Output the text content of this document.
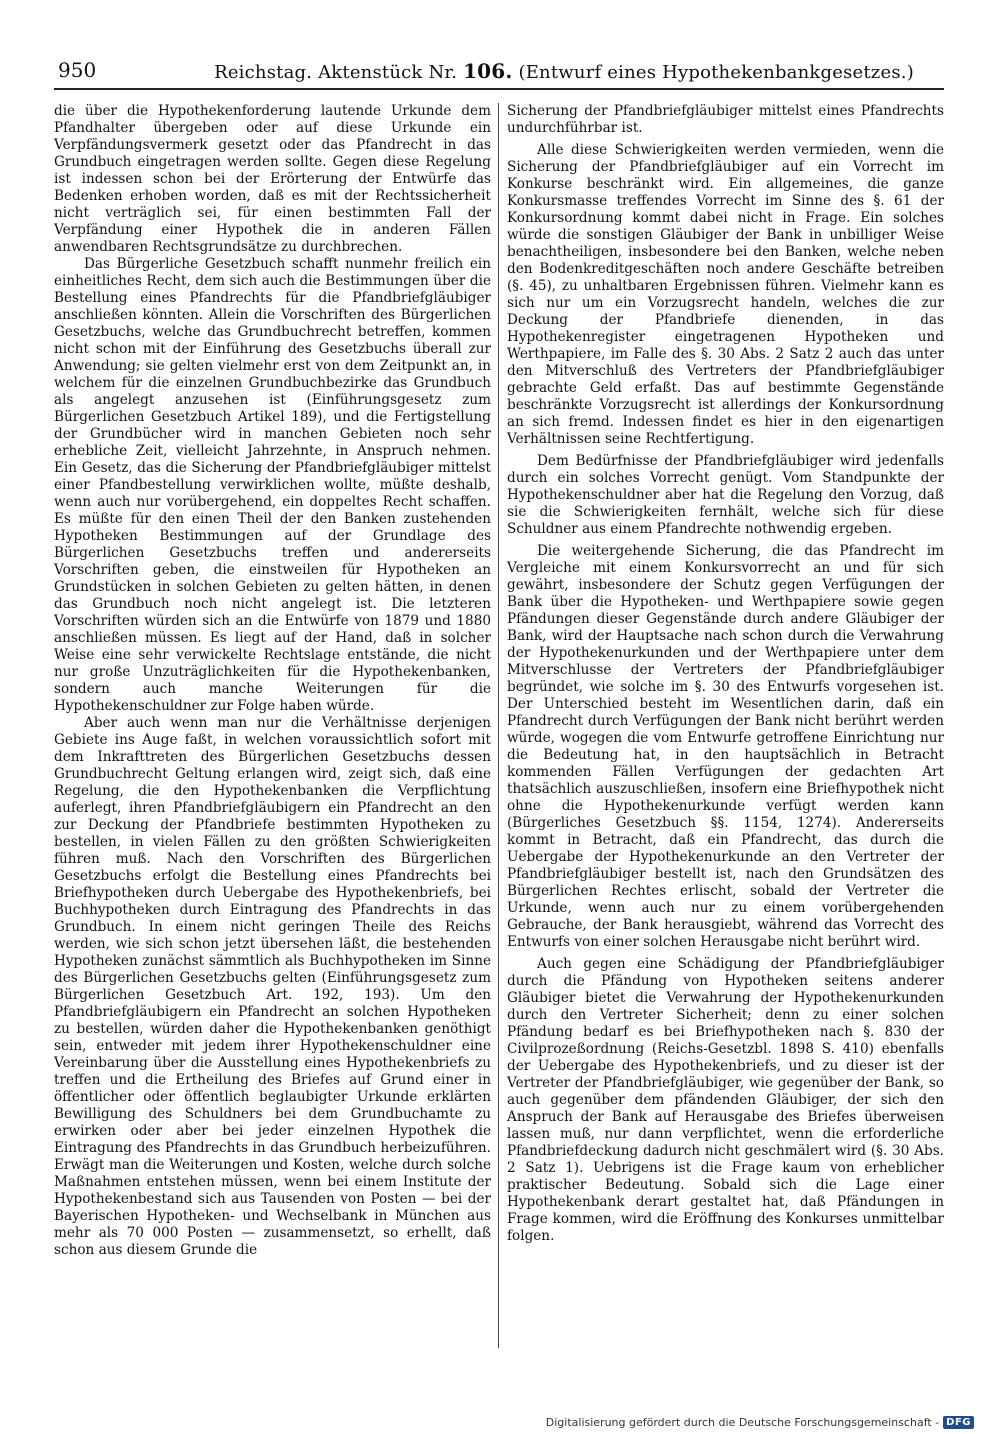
950	Reichstag. Aktenstück Nr. 106. (Entwurf eines Hypothekenbankgesetzes.)

die über die Hypothekenforderung lautende Urkunde dem Pfandhalter übergeben oder auf diese Urkunde ein Verpfändungsvermerk gesetzt oder das Pfandrecht in das Grundbuch eingetragen werden sollte. Gegen diese Regelung ist indessen schon bei der Erörterung der Entwürfe das Bedenken erhoben worden, daß es mit der Rechtssicherheit nicht verträglich sei, für einen bestimmten Fall der Verpfändung einer Hypothek die in anderen Fällen anwendbaren Rechtsgrundsätze zu durchbrechen.

Das Bürgerliche Gesetzbuch schafft nunmehr freilich ein einheitliches Recht, dem sich auch die Bestimmungen über die Bestellung eines Pfandrechts für die Pfandbriefgläubiger anschließen könnten. Allein die Vorschriften des Bürgerlichen Gesetzbuchs, welche das Grundbuchrecht betreffen, kommen nicht schon mit der Einführung des Gesetzbuchs überall zur Anwendung; sie gelten vielmehr erst von dem Zeitpunkt an, in welchem für die einzelnen Grundbuchbezirke das Grundbuch als angelegt anzusehen ist (Einführungsgesetz zum Bürgerlichen Gesetzbuch Artikel 189), und die Fertigstellung der Grundbücher wird in manchen Gebieten noch sehr erhebliche Zeit, vielleicht Jahrzehnte, in Anspruch nehmen. Ein Gesetz, das die Sicherung der Pfandbriefgläubiger mittelst einer Pfandbestellung verwirklichen wollte, müßte deshalb, wenn auch nur vorübergehend, ein doppeltes Recht schaffen. Es müßte für den einen Theil der den Banken zustehenden Hypotheken Bestimmungen auf der Grundlage des Bürgerlichen Gesetzbuchs treffen und andererseits Vorschriften geben, die einstweilen für Hypotheken an Grundstücken in solchen Gebieten zu gelten hätten, in denen das Grundbuch noch nicht angelegt ist. Die letzteren Vorschriften würden sich an die Entwürfe von 1879 und 1880 anschließen müssen. Es liegt auf der Hand, daß in solcher Weise eine sehr verwickelte Rechtslage entstände, die nicht nur große Unzuträglichkeiten für die Hypothekenbanken, sondern auch manche Weiterungen für die Hypothekenschuldner zur Folge haben würde.

Aber auch wenn man nur die Verhältnisse derjenigen Gebiete ins Auge faßt, in welchen voraussichtlich sofort mit dem Inkrafttreten des Bürgerlichen Gesetzbuchs dessen Grundbuchrecht Geltung erlangen wird, zeigt sich, daß eine Regelung, die den Hypothekenbanken die Verpflichtung auferlegt, ihren Pfandbriefgläubigern ein Pfandrecht an den zur Deckung der Pfandbriefe bestimmten Hypotheken zu bestellen, in vielen Fällen zu den größten Schwierigkeiten führen muß. Nach den Vorschriften des Bürgerlichen Gesetzbuchs erfolgt die Bestellung eines Pfandrechts bei Briefhypotheken durch Uebergabe des Hypothekenbriefs, bei Buchhypotheken durch Eintragung des Pfandrechts in das Grundbuch. In einem nicht geringen Theile des Reichs werden, wie sich schon jetzt übersehen läßt, die bestehenden Hypotheken zunächst sämmtlich als Buchhypotheken im Sinne des Bürgerlichen Gesetzbuchs gelten (Einführungsgesetz zum Bürgerlichen Gesetzbuch Art. 192, 193). Um den Pfandbriefgläubigern ein Pfandrecht an solchen Hypotheken zu bestellen, würden daher die Hypothekenbanken genöthigt sein, entweder mit jedem ihrer Hypothekenschuldner eine Vereinbarung über die Ausstellung eines Hypothekenbriefs zu treffen und die Ertheilung des Briefes auf Grund einer in öffentlicher oder öffentlich beglaubigter Urkunde erklärten Bewilligung des Schuldners bei dem Grundbuchamte zu erwirken oder aber bei jeder einzelnen Hypothek die Eintragung des Pfandrechts in das Grundbuch herbeizuführen. Erwägt man die Weiterungen und Kosten, welche durch solche Maßnahmen entstehen müssen, wenn bei einem Institute der Hypothekenbestand sich aus Tausenden von Posten — bei der Bayerischen Hypotheken- und Wechselbank in München aus mehr als 70 000 Posten — zusammensetzt, so erhellt, daß schon aus diesem Grunde die

Sicherung der Pfandbriefgläubiger mittelst eines Pfandrechts undurchführbar ist.

Alle diese Schwierigkeiten werden vermieden, wenn die Sicherung der Pfandbriefgläubiger auf ein Vorrecht im Konkurse beschränkt wird. Ein allgemeines, die ganze Konkursmasse treffendes Vorrecht im Sinne des §. 61 der Konkursordnung kommt dabei nicht in Frage. Ein solches würde die sonstigen Gläubiger der Bank in unbilliger Weise benachtheiligen, insbesondere bei den Banken, welche neben den Bodenkreditgeschäften noch andere Geschäfte betreiben (§. 45), zu unhaltbaren Ergebnissen führen. Vielmehr kann es sich nur um ein Vorzugsrecht handeln, welches die zur Deckung der Pfandbriefe dienenden, in das Hypothekenregister eingetragenen Hypotheken und Werthpapiere, im Falle des §. 30 Abs. 2 Satz 2 auch das unter den Mitverschluß des Vertreters der Pfandbriefgläubiger gebrachte Geld erfaßt. Das auf bestimmte Gegenstände beschränkte Vorzugsrecht ist allerdings der Konkursordnung an sich fremd. Indessen findet es hier in den eigenartigen Verhältnissen seine Rechtfertigung.

Dem Bedürfnisse der Pfandbriefgläubiger wird jedenfalls durch ein solches Vorrecht genügt. Vom Standpunkte der Hypothekenschuldner aber hat die Regelung den Vorzug, daß sie die Schwierigkeiten fernhält, welche sich für diese Schuldner aus einem Pfandrechte nothwendig ergeben.

Die weitergehende Sicherung, die das Pfandrecht im Vergleiche mit einem Konkursvorrecht an und für sich gewährt, insbesondere der Schutz gegen Verfügungen der Bank über die Hypotheken- und Werthpapiere sowie gegen Pfändungen dieser Gegenstände durch andere Gläubiger der Bank, wird der Hauptsache nach schon durch die Verwahrung der Hypothekenurkunden und der Werthpapiere unter dem Mitverschlusse der Vertreters der Pfandbriefgläubiger begründet, wie solche im §. 30 des Entwurfs vorgesehen ist. Der Unterschied besteht im Wesentlichen darin, daß ein Pfandrecht durch Verfügungen der Bank nicht berührt werden würde, wogegen die vom Entwurfe getroffene Einrichtung nur die Bedeutung hat, in den hauptsächlich in Betracht kommenden Fällen Verfügungen der gedachten Art thatsächlich auszuschließen, insofern eine Briefhypothek nicht ohne die Hypothekenurkunde verfügt werden kann (Bürgerliches Gesetzbuch §§. 1154, 1274). Andererseits kommt in Betracht, daß ein Pfandrecht, das durch die Uebergabe der Hypothekenurkunde an den Vertreter der Pfandbriefgläubiger bestellt ist, nach den Grundsätzen des Bürgerlichen Rechtes erlischt, sobald der Vertreter die Urkunde, wenn auch nur zu einem vorübergehenden Gebrauche, der Bank herausgiebt, während das Vorrecht des Entwurfs von einer solchen Herausgabe nicht berührt wird.

Auch gegen eine Schädigung der Pfandbriefgläubiger durch die Pfändung von Hypotheken seitens anderer Gläubiger bietet die Verwahrung der Hypothekenurkunden durch den Vertreter Sicherheit; denn zu einer solchen Pfändung bedarf es bei Briefhypotheken nach §. 830 der Civilprozeßordnung (Reichs-Gesetzbl. 1898 S. 410) ebenfalls der Uebergabe des Hypothekenbriefs, und zu dieser ist der Vertreter der Pfandbriefgläubiger, wie gegenüber der Bank, so auch gegenüber dem pfändenden Gläubiger, der sich den Anspruch der Bank auf Herausgabe des Briefes überweisen lassen muß, nur dann verpflichtet, wenn die erforderliche Pfandbriefdeckung dadurch nicht geschmälert wird (§. 30 Abs. 2 Satz 1). Uebrigens ist die Frage kaum von erheblicher praktischer Bedeutung. Sobald sich die Lage einer Hypothekenbank derart gestaltet hat, daß Pfändungen in Frage kommen, wird die Eröffnung des Konkurses unmittelbar folgen.

Digitalisierung gefördert durch die Deutsche Forschungsgemeinschaft - DFG
